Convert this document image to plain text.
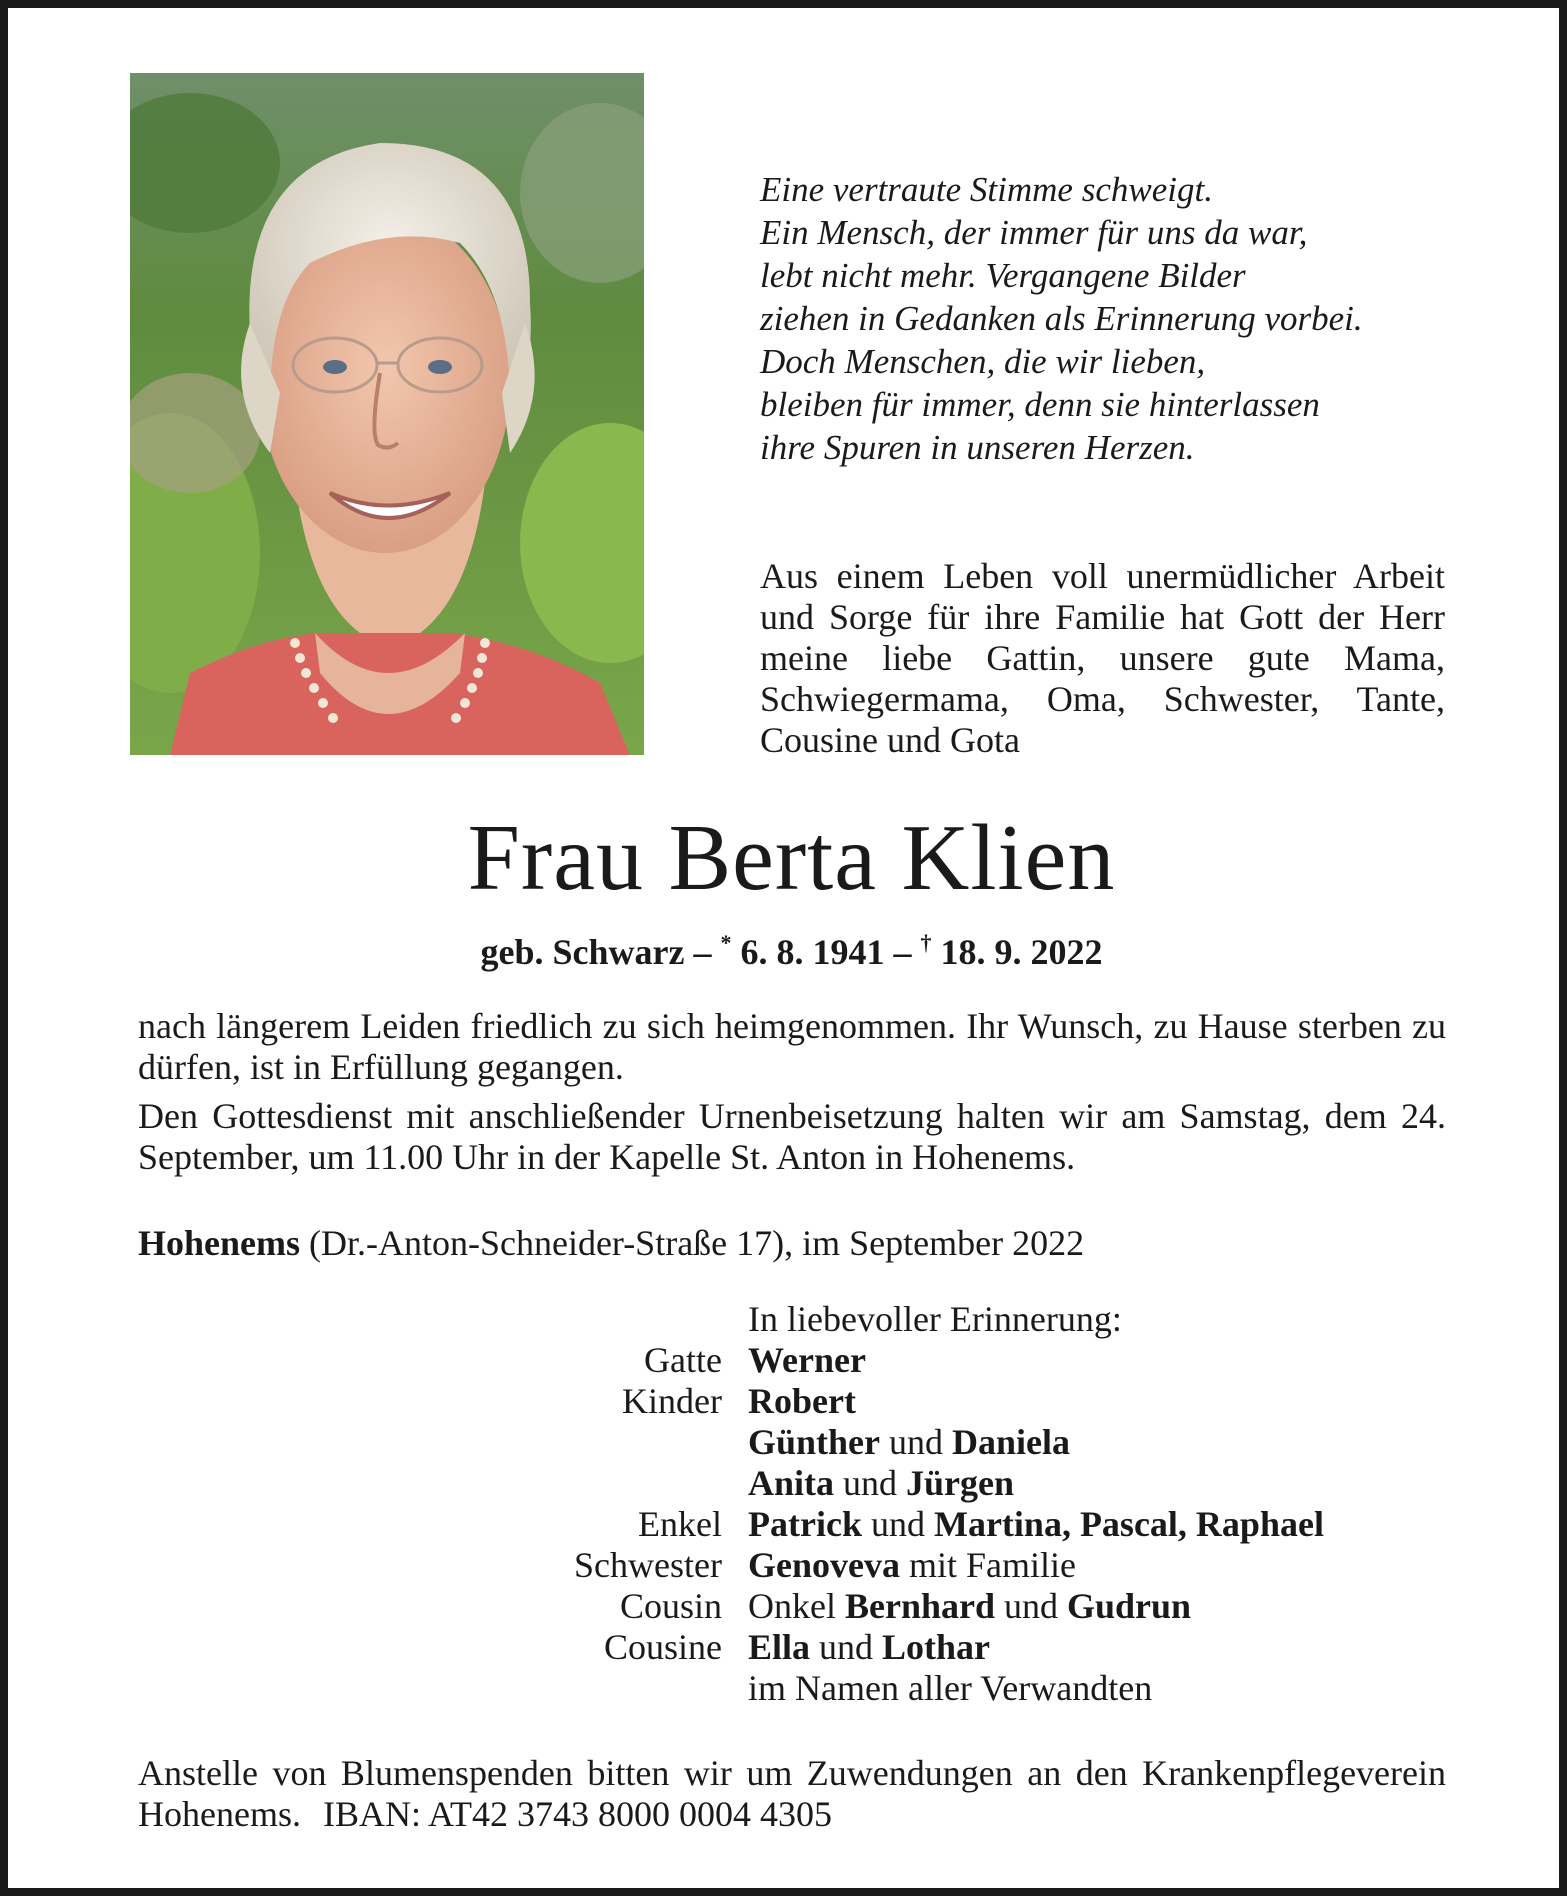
Eine vertraute Stimme schweigt.
Ein Mensch, der immer für uns da war,
lebt nicht mehr. Vergangene Bilder
ziehen in Gedanken als Erinnerung vorbei.
Doch Menschen, die wir lieben,
bleiben für immer, denn sie hinterlassen
ihre Spuren in unseren Herzen.
Aus einem Leben voll unermüdlicher Arbeit und Sorge für ihre Familie hat Gott der Herr meine liebe Gattin, unsere gute Mama, Schwiegermama, Oma, Schwester, Tante, Cousine und Gota
Frau Berta Klien
geb. Schwarz – * 6. 8. 1941 – † 18. 9. 2022

nach längerem Leiden friedlich zu sich heimgenommen. Ihr Wunsch, zu Hause sterben zu dürfen, ist in Erfüllung gegangen.

Den Gottesdienst mit anschließender Urnenbeisetzung halten wir am Samstag, dem 24. September, um 11.00 Uhr in der Kapelle St. Anton in Hohenems.

Hohenems (Dr.-Anton-Schneider-Straße 17), im September 2022
In liebevoller Erinnerung:
Gatte Werner
Kinder Robert
Günther und Daniela
Anita und Jürgen
Enkel Patrick und Martina, Pascal, Raphael
Schwester Genoveva mit Familie
Cousin Onkel Bernhard und Gudrun
Cousine Ella und Lothar
im Namen aller Verwandten
Anstelle von Blumenspenden bitten wir um Zuwendungen an den Krankenpflegeverein Hohenems. IBAN: AT42 3743 8000 0004 4305
